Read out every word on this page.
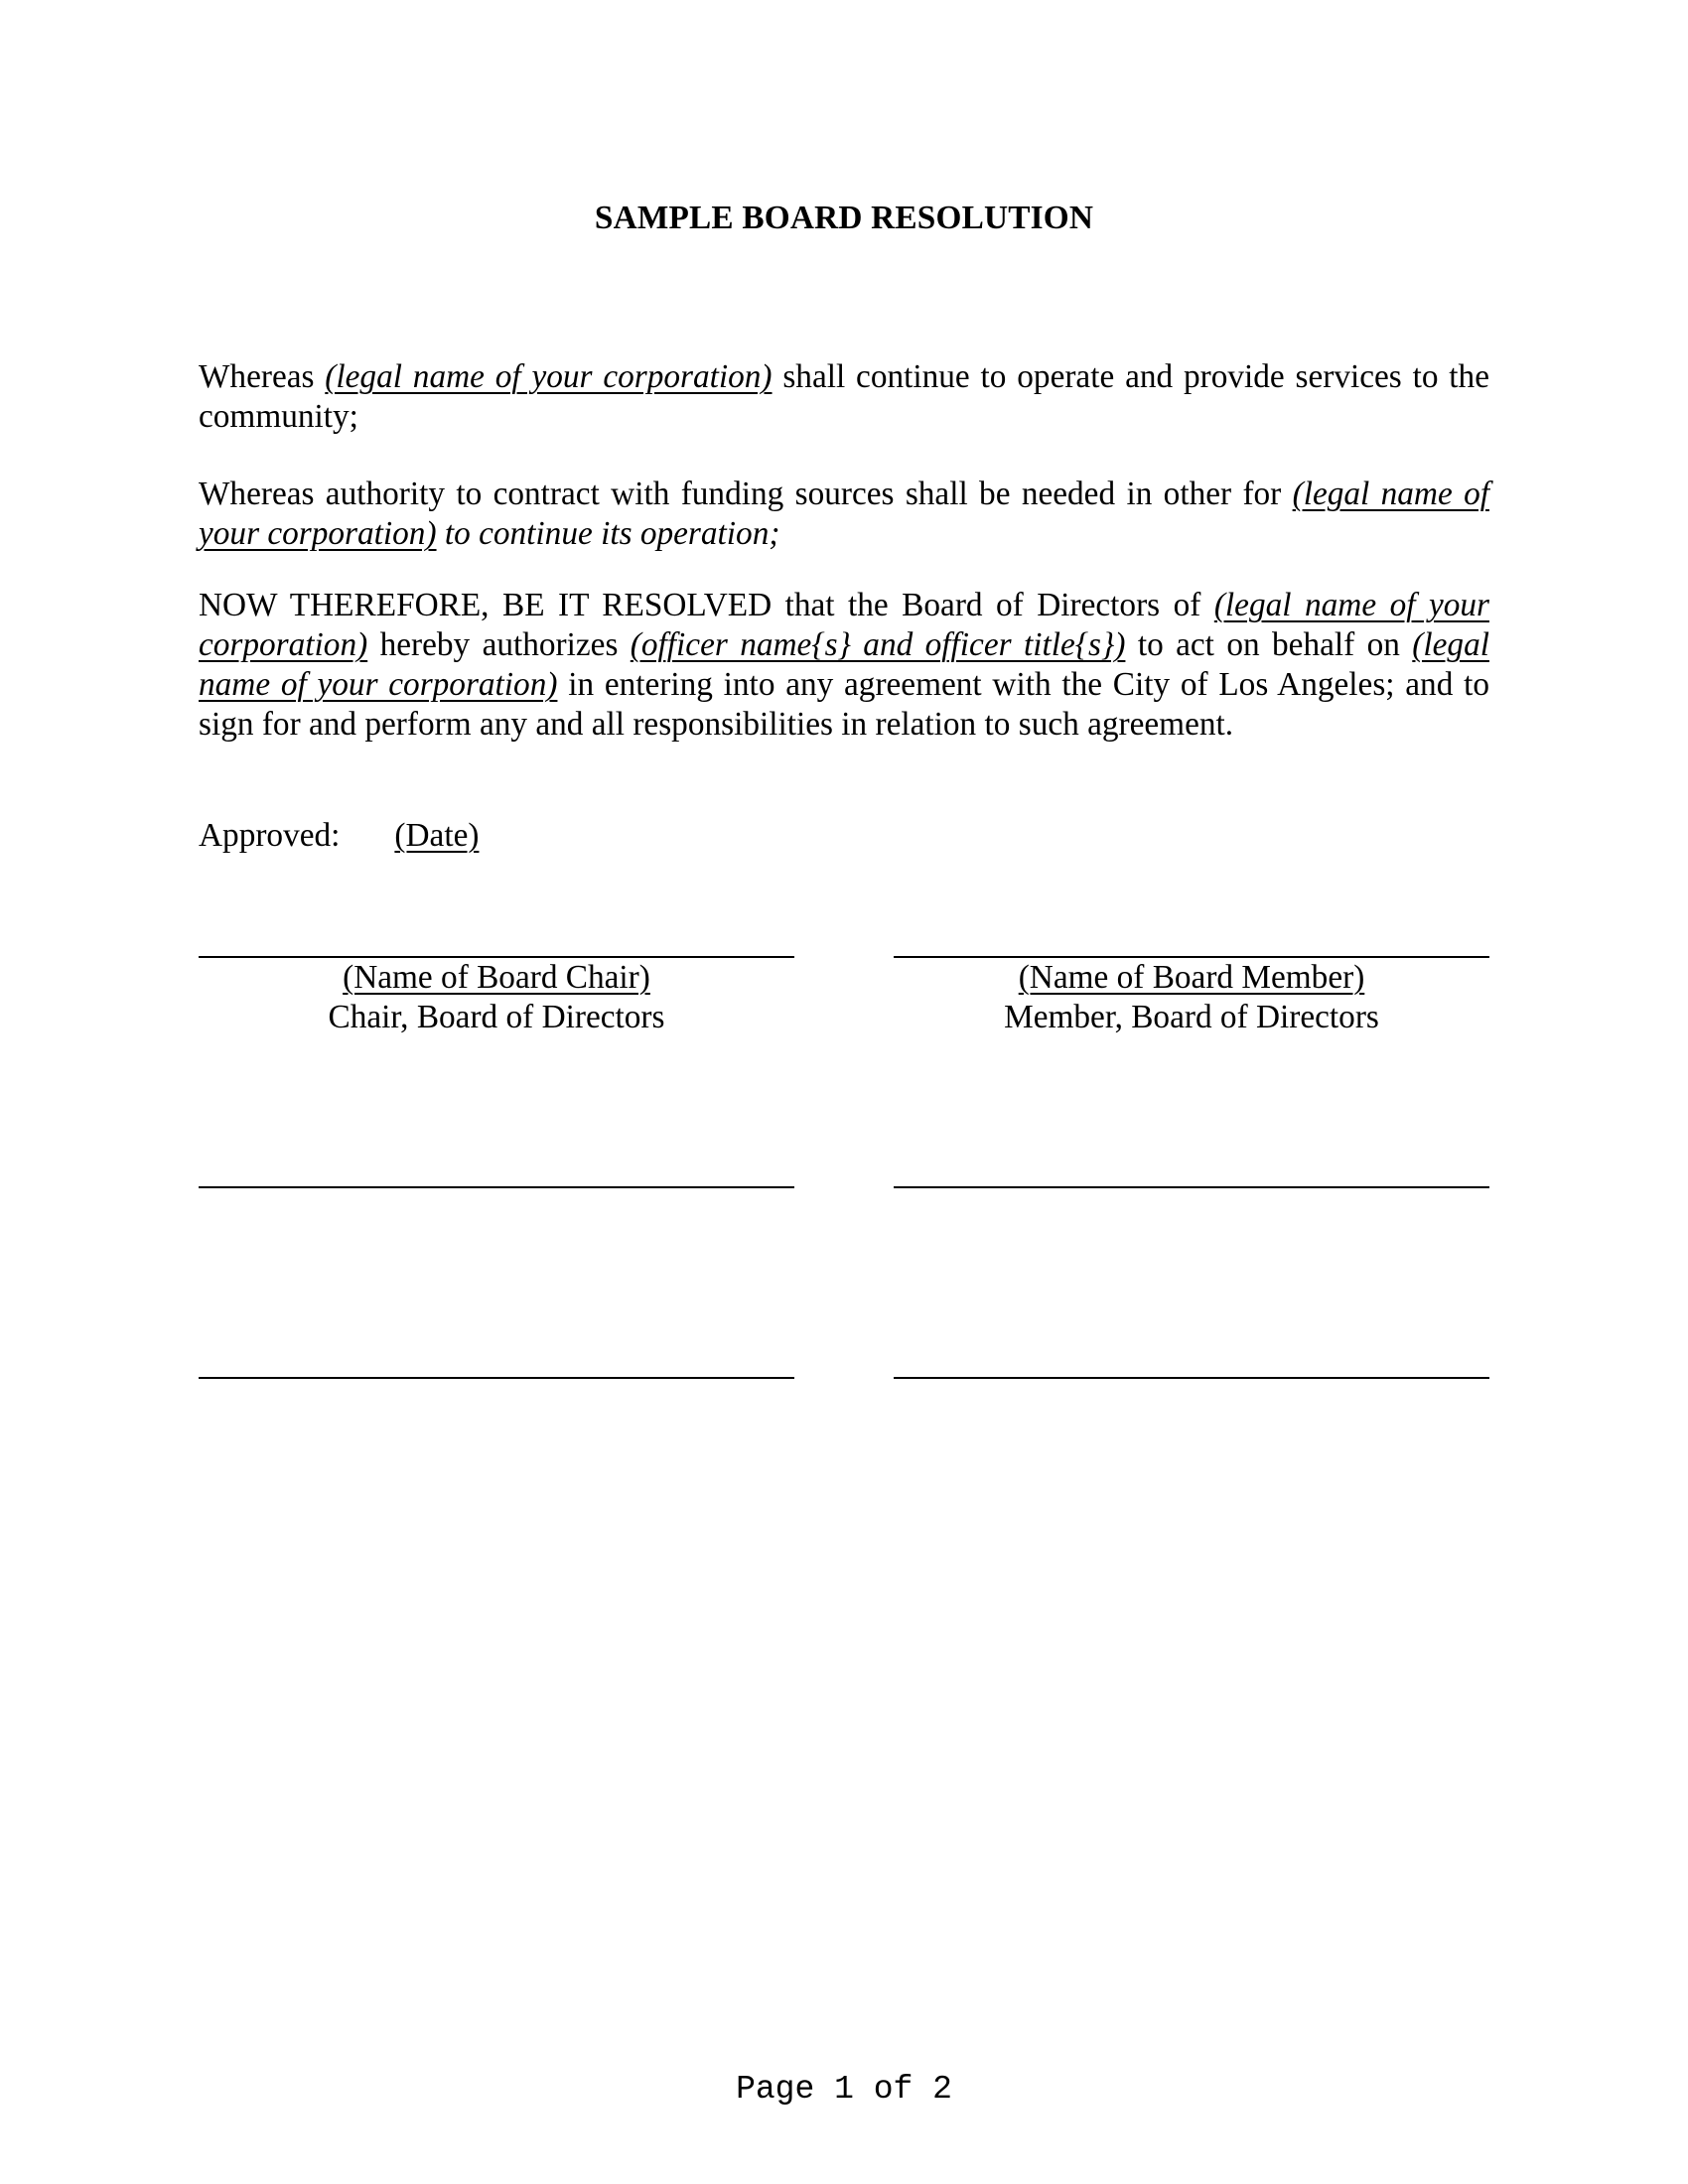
SAMPLE BOARD RESOLUTION
Whereas (legal name of your corporation) shall continue to operate and provide services to the community;
Whereas authority to contract with funding sources shall be needed in other for (legal name of your corporation) to continue its operation;
NOW THEREFORE, BE IT RESOLVED that the Board of Directors of (legal name of your corporation) hereby authorizes (officer name{s} and officer title{s}) to act on behalf on (legal name of your corporation) in entering into any agreement with the City of Los Angeles; and to sign for and perform any and all responsibilities in relation to such agreement.
Approved: (Date)
(Name of Board Chair)
Chair, Board of Directors
(Name of Board Member)
Member, Board of Directors
Page 1 of 2
